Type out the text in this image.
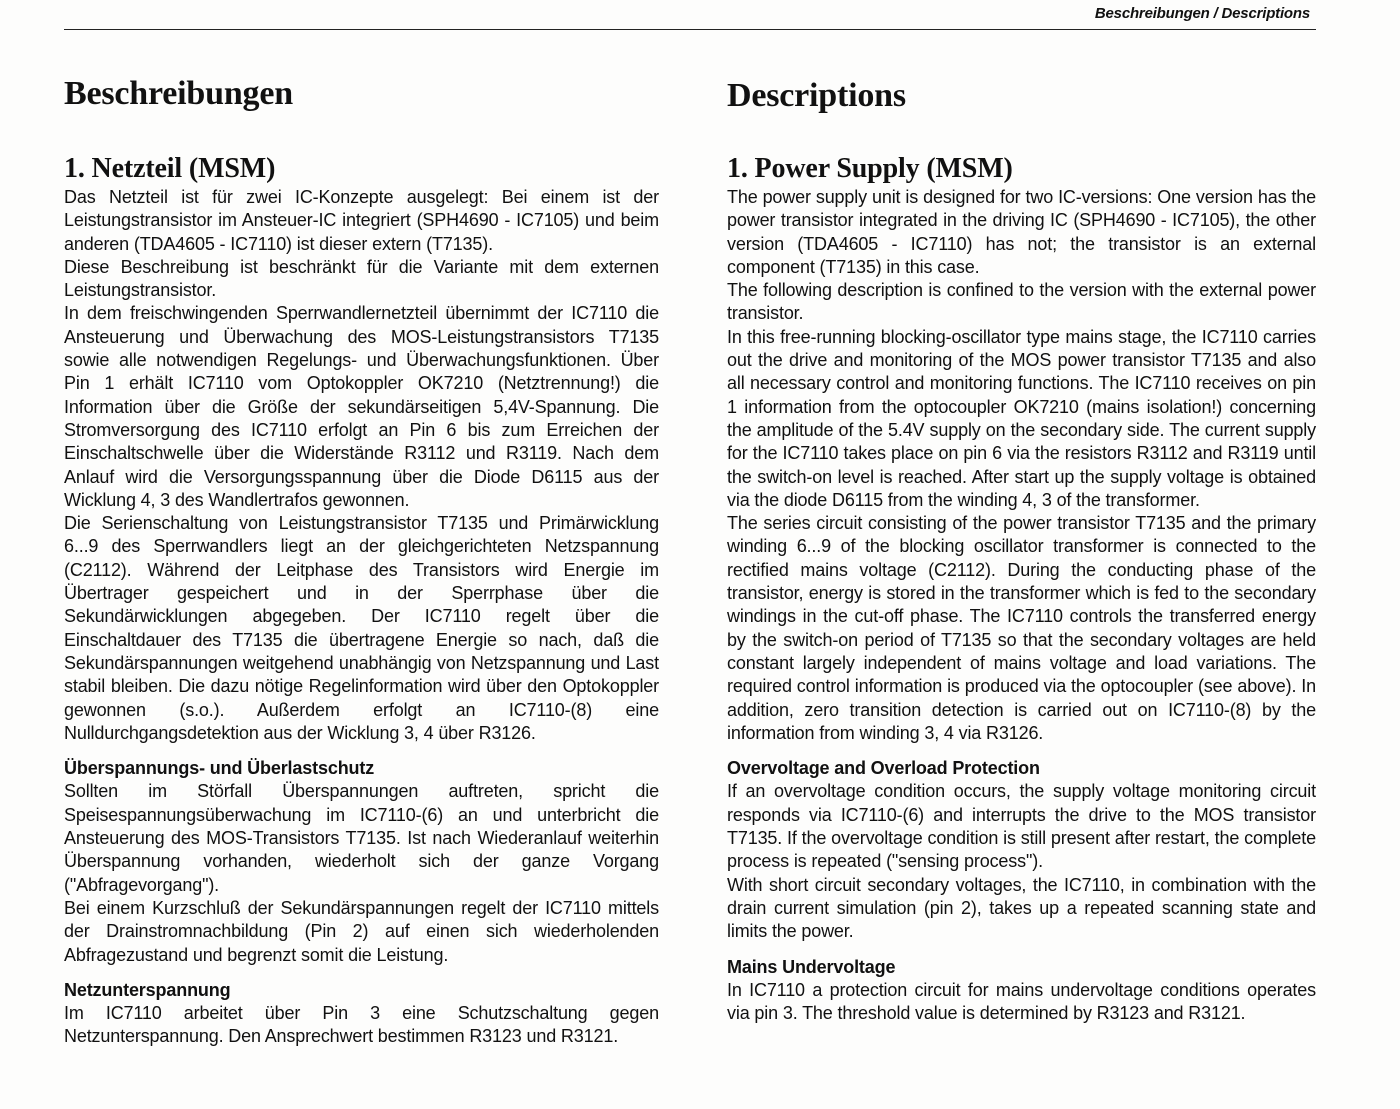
Beschreibungen / Descriptions
Beschreibungen
1. Netzteil (MSM)

Das Netzteil ist für zwei IC-Konzepte ausgelegt: Bei einem ist der Leistungstransistor im Ansteuer-IC integriert (SPH4690 - IC7105) und beim anderen (TDA4605 - IC7110) ist dieser extern (T7135).

Diese Beschreibung ist beschränkt für die Variante mit dem externen Leistungstransistor.

In dem freischwingenden Sperrwandlernetzteil übernimmt der IC7110 die Ansteuerung und Überwachung des MOS-Leistungstransistors T7135 sowie alle notwendigen Regelungs- und Überwachungsfunktionen. Über Pin 1 erhält IC7110 vom Optokoppler OK7210 (Netztrennung!) die Information über die Größe der sekundärseitigen 5,4V-Spannung. Die Stromversorgung des IC7110 erfolgt an Pin 6 bis zum Erreichen der Einschaltschwelle über die Widerstände R3112 und R3119. Nach dem Anlauf wird die Versorgungsspannung über die Diode D6115 aus der Wicklung 4, 3 des Wandlertrafos gewonnen.

Die Serienschaltung von Leistungstransistor T7135 und Primärwicklung 6...9 des Sperrwandlers liegt an der gleichgerichteten Netzspannung (C2112). Während der Leitphase des Transistors wird Energie im Übertrager gespeichert und in der Sperrphase über die Sekundärwicklungen abgegeben. Der IC7110 regelt über die Einschaltdauer des T7135 die übertragene Energie so nach, daß die Sekundärspannungen weitgehend unabhängig von Netzspannung und Last stabil bleiben. Die dazu nötige Regelinformation wird über den Optokoppler gewonnen (s.o.). Außerdem erfolgt an IC7110-(8) eine Nulldurchgangsdetektion aus der Wicklung 3, 4 über R3126.

Überspannungs- und Überlastschutz

Sollten im Störfall Überspannungen auftreten, spricht die Speisespannungsüberwachung im IC7110-(6) an und unterbricht die Ansteuerung des MOS-Transistors T7135. Ist nach Wiederanlauf weiterhin Überspannung vorhanden, wiederholt sich der ganze Vorgang ("Abfragevorgang").

Bei einem Kurzschluß der Sekundärspannungen regelt der IC7110 mittels der Drainstromnachbildung (Pin 2) auf einen sich wiederholenden Abfragezustand und begrenzt somit die Leistung.

Netzunterspannung

Im IC7110 arbeitet über Pin 3 eine Schutzschaltung gegen Netzunterspannung. Den Ansprechwert bestimmen R3123 und R3121.

Descriptions
1. Power Supply (MSM)

The power supply unit is designed for two IC-versions: One version has the power transistor integrated in the driving IC (SPH4690 - IC7105), the other version (TDA4605 - IC7110) has not; the transistor is an external component (T7135) in this case.

The following description is confined to the version with the external power transistor.

In this free-running blocking-oscillator type mains stage, the IC7110 carries out the drive and monitoring of the MOS power transistor T7135 and also all necessary control and monitoring functions. The IC7110 receives on pin 1 information from the optocoupler OK7210 (mains isolation!) concerning the amplitude of the 5.4V supply on the secondary side. The current supply for the IC7110 takes place on pin 6 via the resistors R3112 and R3119 until the switch-on level is reached. After start up the supply voltage is obtained via the diode D6115 from the winding 4, 3 of the transformer.

The series circuit consisting of the power transistor T7135 and the primary winding 6...9 of the blocking oscillator transformer is connected to the rectified mains voltage (C2112). During the conducting phase of the transistor, energy is stored in the transformer which is fed to the secondary windings in the cut-off phase. The IC7110 controls the transferred energy by the switch-on period of T7135 so that the secondary voltages are held constant largely independent of mains voltage and load variations. The required control information is produced via the optocoupler (see above). In addition, zero transition detection is carried out on IC7110-(8) by the information from winding 3, 4 via R3126.

Overvoltage and Overload Protection

If an overvoltage condition occurs, the supply voltage monitoring circuit responds via IC7110-(6) and interrupts the drive to the MOS transistor T7135. If the overvoltage condition is still present after restart, the complete process is repeated ("sensing process").

With short circuit secondary voltages, the IC7110, in combination with the drain current simulation (pin 2), takes up a repeated scanning state and limits the power.

Mains Undervoltage

In IC7110 a protection circuit for mains undervoltage conditions operates via pin 3. The threshold value is determined by R3123 and R3121.
